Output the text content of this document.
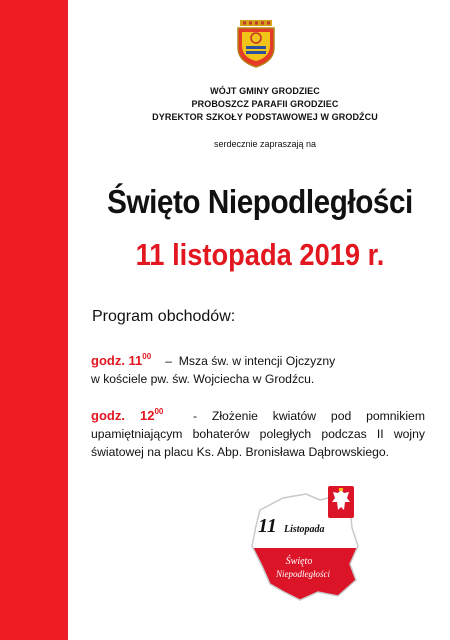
WÓJT GMINY GRODZIEC
PROBOSZCZ PARAFII GRODZIEC
DYREKTOR SZKOŁY PODSTAWOWEJ W GRODŹCU
serdecznie zapraszają na
Święto Niepodległości
11 listopada 2019 r.
Program obchodów:
godz. $11^{00}$ – Msza św. w intencji Ojczyzny
w kościele pw. św. Wojciecha w Grodźcu.
godz. $12^{00}$ - Złożenie kwiatów pod pomnikiem upamiętniającym bohaterów poległych podczas II wojny światowej na placu Ks. Abp. Bronisława Dąbrowskiego.
11 Listopada
Święto
Niepodległości
